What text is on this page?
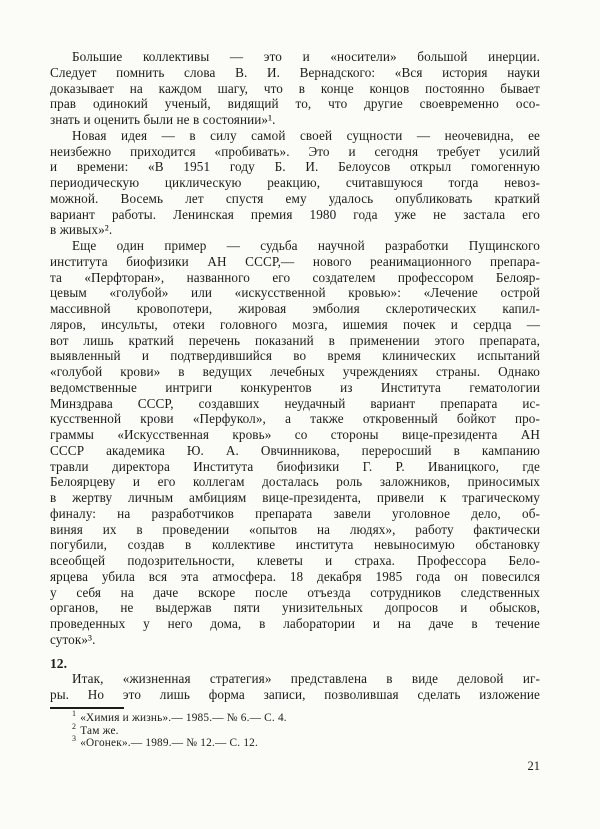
Большие коллективы — это и «носители» большой инерции.
Следует помнить слова В. И. Вернадского: «Вся история науки
доказывает на каждом шагу, что в конце концов постоянно бывает
прав одинокий ученый, видящий то, что другие своевременно осо-
знать и оценить были не в состоянии»¹.
Новая идея — в силу самой своей сущности — неочевидна, ее
неизбежно приходится «пробивать». Это и сегодня требует усилий
и времени: «В 1951 году Б. И. Белоусов открыл гомогенную
периодическую циклическую реакцию, считавшуюся тогда невоз-
можной. Восемь лет спустя ему удалось опубликовать краткий
вариант работы. Ленинская премия 1980 года уже не застала его
в живых»².
Еще один пример — судьба научной разработки Пущинского
института биофизики АН СССР,— нового реанимационного препара-
та «Перфторан», названного его создателем профессором Белояр-
цевым «голубой» или «искусственной кровью»: «Лечение острой
массивной кровопотери, жировая эмболия склеротических капил-
ляров, инсульты, отеки головного мозга, ишемия почек и сердца —
вот лишь краткий перечень показаний в применении этого препарата,
выявленный и подтвердившийся во время клинических испытаний
«голубой крови» в ведущих лечебных учреждениях страны. Однако
ведомственные интриги конкурентов из Института гематологии
Минздрава СССР, создавших неудачный вариант препарата ис-
кусственной крови «Перфукол», а также откровенный бойкот про-
граммы «Искусственная кровь» со стороны вице-президента АН
СССР академика Ю. А. Овчинникова, переросший в кампанию
травли директора Института биофизики Г. Р. Иваницкого, где
Белоярцеву и его коллегам досталась роль заложников, приносимых
в жертву личным амбициям вице-президента, привели к трагическому
финалу: на разработчиков препарата завели уголовное дело, об-
виняя их в проведении «опытов на людях», работу фактически
погубили, создав в коллективе института невыносимую обстановку
всеобщей подозрительности, клеветы и страха. Профессора Бело-
ярцева убила вся эта атмосфера. 18 декабря 1985 года он повесился
у себя на даче вскоре после отъезда сотрудников следственных
органов, не выдержав пяти унизительных допросов и обысков,
проведенных у него дома, в лаборатории и на даче в течение
суток»³.
12.
Итак, «жизненная стратегия» представлена в виде деловой иг-
ры. Но это лишь форма записи, позволившая сделать изложение
$^1$ «Химия и жизнь».— 1985.— № 6.— С. 4.
$^2$ Там же.
$^3$ «Огонек».— 1989.— № 12.— С. 12.
21
